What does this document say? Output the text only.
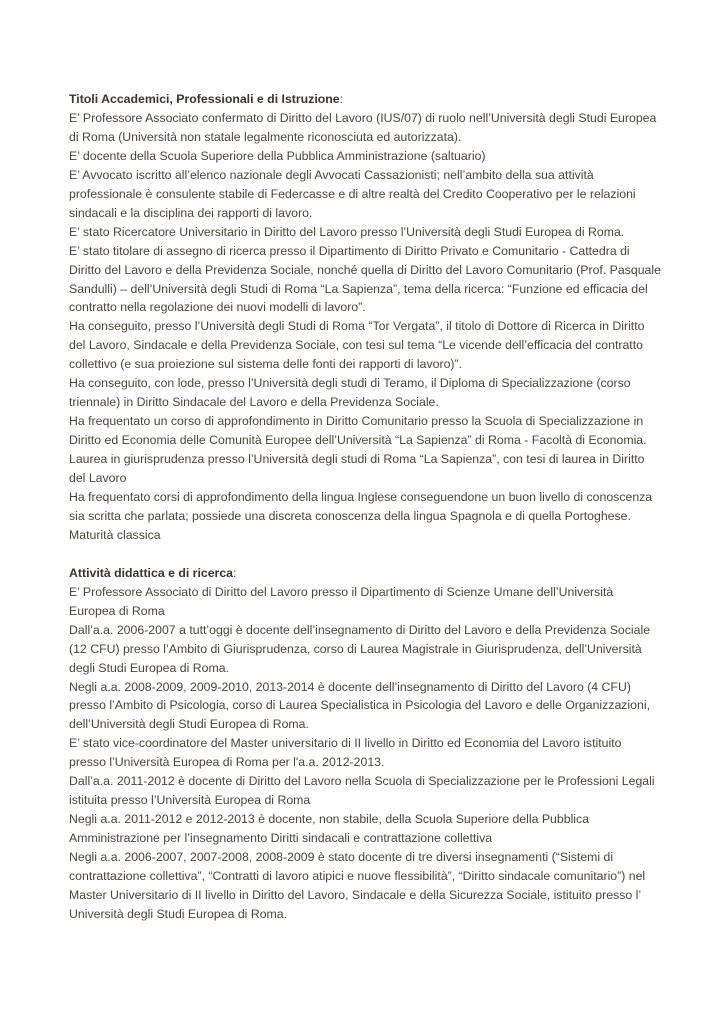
Titoli Accademici, Professionali e di Istruzione:

E’ Professore Associato confermato di Diritto del Lavoro (IUS/07) di ruolo nell’Università degli Studi Europea

di Roma (Università non statale legalmente riconosciuta ed autorizzata).

E’ docente della Scuola Superiore della Pubblica Amministrazione (saltuario)

E’ Avvocato iscritto all’elenco nazionale degli Avvocati Cassazionisti; nell’ambito della sua attività

professionale è consulente stabile di Federcasse e di altre realtà del Credito Cooperativo per le relazioni

sindacali e la disciplina dei rapporti di lavoro.

E’ stato Ricercatore Universitario in Diritto del Lavoro presso l’Università degli Studi Europea di Roma.

E’ stato titolare di assegno di ricerca presso il Dipartimento di Diritto Privato e Comunitario - Cattedra di

Diritto del Lavoro e della Previdenza Sociale, nonché quella di Diritto del Lavoro Comunitario (Prof. Pasquale

Sandulli) – dell’Università degli Studi di Roma “La Sapienza”, tema della ricerca: “Funzione ed efficacia del

contratto nella regolazione dei nuovi modelli di lavoro”.

Ha conseguito, presso l’Università degli Studi di Roma “Tor Vergata”, il titolo di Dottore di Ricerca in Diritto

del Lavoro, Sindacale e della Previdenza Sociale, con tesi sul tema “Le vicende dell’efficacia del contratto

collettivo (e sua proiezione sul sistema delle fonti dei rapporti di lavoro)”.

Ha conseguito, con lode, presso l’Università degli studi di Teramo, il Diploma di Specializzazione (corso

triennale) in Diritto Sindacale del Lavoro e della Previdenza Sociale.

Ha frequentato un corso di approfondimento in Diritto Comunitario presso la Scuola di Specializzazione in

Diritto ed Economia delle Comunità Europee dell’Università “La Sapienza” di Roma - Facoltà di Economia.

Laurea in giurisprudenza presso l’Università degli studi di Roma “La Sapienza”, con tesi di laurea in Diritto

del Lavoro

Ha frequentato corsi di approfondimento della lingua Inglese conseguendone un buon livello di conoscenza

sia scritta che parlata; possiede una discreta conoscenza della lingua Spagnola e di quella Portoghese.

Maturità classica

Attività didattica e di ricerca:

E’ Professore Associato di Diritto del Lavoro presso il Dipartimento di Scienze Umane dell’Università

Europea di Roma

Dall’a.a. 2006-2007 a tutt’oggi è docente dell’insegnamento di Diritto del Lavoro e della Previdenza Sociale

(12 CFU) presso l’Ambito di Giurisprudenza, corso di Laurea Magistrale in Giurisprudenza, dell’Università

degli Studi Europea di Roma.

Negli a.a. 2008-2009, 2009-2010, 2013-2014 è docente dell’insegnamento di Diritto del Lavoro (4 CFU)

presso l’Ambito di Psicologia, corso di Laurea Specialistica in Psicologia del Lavoro e delle Organizzazioni,

dell’Università degli Studi Europea di Roma.

E’ stato vice-coordinatore del Master universitario di II livello in Diritto ed Economia del Lavoro istituito

presso l’Università Europea di Roma per l'a.a. 2012-2013.

Dall’a.a. 2011-2012 è docente di Diritto del Lavoro nella Scuola di Specializzazione per le Professioni Legali

istituita presso l’Università Europea di Roma

Negli a.a. 2011-2012 e 2012-2013 è docente, non stabile, della Scuola Superiore della Pubblica

Amministrazione per l’insegnamento Diritti sindacali e contrattazione collettiva

Negli a.a. 2006-2007, 2007-2008, 2008-2009 è stato docente di tre diversi insegnamenti (“Sistemi di

contrattazione collettiva”, “Contratti di lavoro atipici e nuove flessibilità”, “Diritto sindacale comunitario”) nel

Master Universitario di II livello in Diritto del Lavoro, Sindacale e della Sicurezza Sociale, istituito presso l’

Università degli Studi Europea di Roma.
